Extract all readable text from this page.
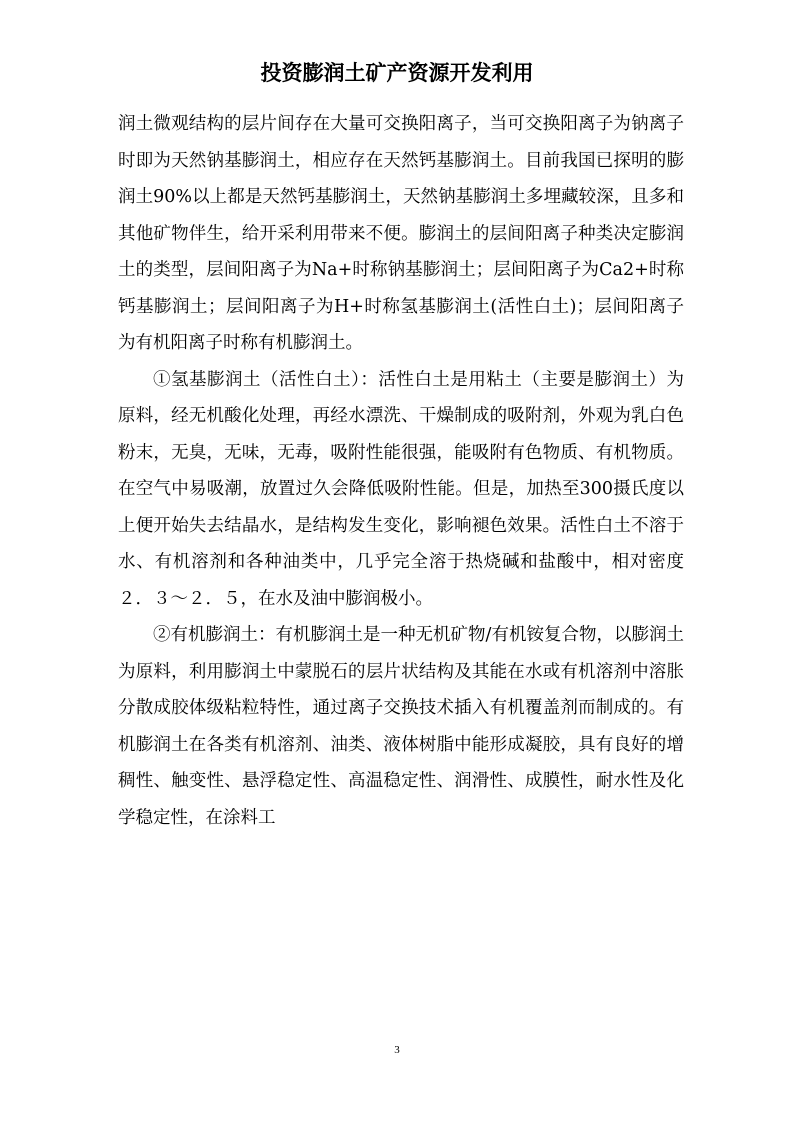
投资膨润土矿产资源开发利用

润土微观结构的层片间存在大量可交换阳离子，当可交换阳离子为钠离子时即为天然钠基膨润土，相应存在天然钙基膨润土。目前我国已探明的膨润土90%以上都是天然钙基膨润土，天然钠基膨润土多埋藏较深，且多和其他矿物伴生，给开采利用带来不便。膨润土的层间阳离子种类决定膨润土的类型，层间阳离子为Na+时称钠基膨润土；层间阳离子为Ca2+时称钙基膨润土；层间阳离子为H+时称氢基膨润土(活性白土)；层间阳离子为有机阳离子时称有机膨润土。

①氢基膨润土（活性白土）：活性白土是用粘土（主要是膨润土）为原料，经无机酸化处理，再经水漂洗、干燥制成的吸附剂，外观为乳白色粉末，无臭，无味，无毒，吸附性能很强，能吸附有色物质、有机物质。在空气中易吸潮，放置过久会降低吸附性能。但是，加热至300摄氏度以上便开始失去结晶水，是结构发生变化，影响褪色效果。活性白土不溶于水、有机溶剂和各种油类中，几乎完全溶于热烧碱和盐酸中，相对密度２．３～２．５，在水及油中膨润极小。

②有机膨润土：有机膨润土是一种无机矿物/有机铵复合物，以膨润土为原料，利用膨润土中蒙脱石的层片状结构及其能在水或有机溶剂中溶胀分散成胶体级粘粒特性，通过离子交换技术插入有机覆盖剂而制成的。有机膨润土在各类有机溶剂、油类、液体树脂中能形成凝胶，具有良好的增稠性、触变性、悬浮稳定性、高温稳定性、润滑性、成膜性，耐水性及化学稳定性，在涂料工

3
